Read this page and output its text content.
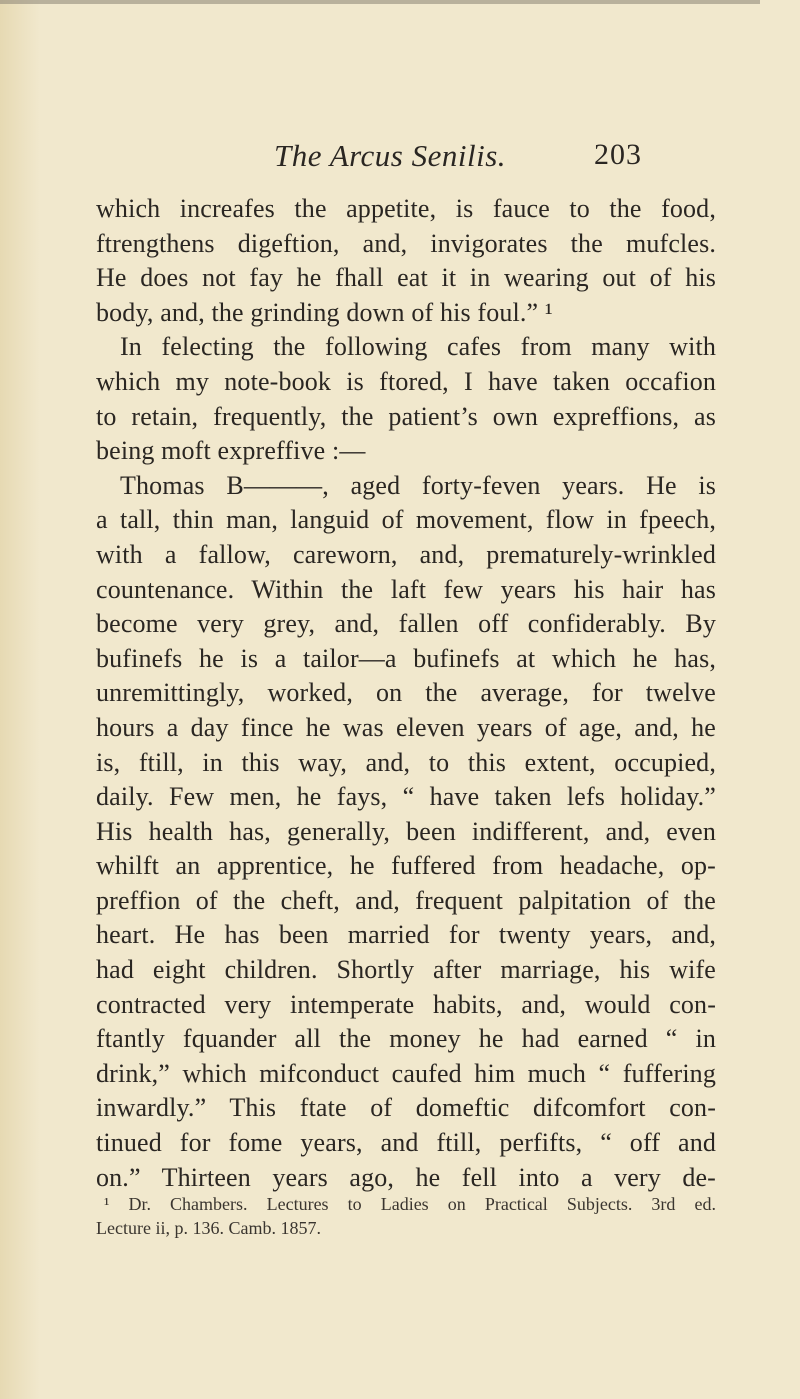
The Arcus Senilis.	203
which increafes the appetite, is fauce to the food,
ftrengthens digeftion, and, invigorates the mufcles.
He does not fay he fhall eat it in wearing out of his
body, and, the grinding down of his foul.” ¹
In felecting the following cafes from many with
which my note-book is ftored, I have taken occafion
to retain, frequently, the patient’s own expreffions, as
being moft expreffive :—
Thomas B———, aged forty-feven years. He is
a tall, thin man, languid of movement, flow in fpeech,
with a fallow, careworn, and, prematurely-wrinkled
countenance. Within the laft few years his hair has
become very grey, and, fallen off confiderably. By
bufinefs he is a tailor—a bufinefs at which he has,
unremittingly, worked, on the average, for twelve
hours a day fince he was eleven years of age, and, he
is, ftill, in this way, and, to this extent, occupied,
daily. Few men, he fays, “ have taken lefs holiday.”
His health has, generally, been indifferent, and, even
whilft an apprentice, he fuffered from headache, op-
preffion of the cheft, and, frequent palpitation of the
heart. He has been married for twenty years, and,
had eight children. Shortly after marriage, his wife
contracted very intemperate habits, and, would con-
ftantly fquander all the money he had earned “ in
drink,” which mifconduct caufed him much “ fuffering
inwardly.” This ftate of domeftic difcomfort con-
tinued for fome years, and ftill, perfifts, “ off and
on.” Thirteen years ago, he fell into a very de-
¹ Dr. Chambers. Lectures to Ladies on Practical Subjects. 3rd ed.
Lecture ii, p. 136. Camb. 1857.
